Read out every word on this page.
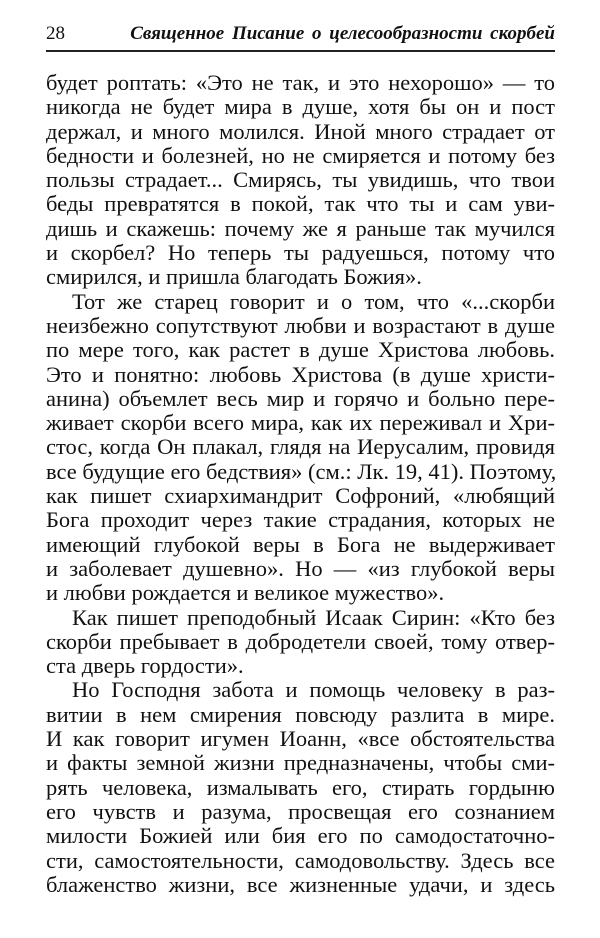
28	Священное Писание о целесообразности скорбей
будет роптать: «Это не так, и это нехорошо» — то
никогда не будет мира в душе, хотя бы он и пост
держал, и много молился. Иной много страдает от
бедности и болезней, но не смиряется и потому без
пользы страдает... Смирясь, ты увидишь, что твои
беды превратятся в покой, так что ты и сам уви-
дишь и скажешь: почему же я раньше так мучился
и скорбел? Но теперь ты радуешься, потому что
смирился, и пришла благодать Божия».
Тот же старец говорит и о том, что «...скорби
неизбежно сопутствуют любви и возрастают в душе
по мере того, как растет в душе Христова любовь.
Это и понятно: любовь Христова (в душе христи-
анина) объемлет весь мир и горячо и больно пере-
живает скорби всего мира, как их переживал и Хри-
стос, когда Он плакал, глядя на Иерусалим, провидя
все будущие его бедствия» (см.: Лк. 19, 41). Поэтому,
как пишет схиархимандрит Софроний, «любящий
Бога проходит через такие страдания, которых не
имеющий глубокой веры в Бога не выдерживает
и заболевает душевно». Но — «из глубокой веры
и любви рождается и великое мужество».
Как пишет преподобный Исаак Сирин: «Кто без
скорби пребывает в добродетели своей, тому отвер-
ста дверь гордости».
Но Господня забота и помощь человеку в раз-
витии в нем смирения повсюду разлита в мире.
И как говорит игумен Иоанн, «все обстоятельства
и факты земной жизни предназначены, чтобы сми-
рять человека, измалывать его, стирать гордыню
его чувств и разума, просвещая его сознанием
милости Божией или бия его по самодостаточно-
сти, самостоятельности, самодовольству. Здесь все
блаженство жизни, все жизненные удачи, и здесь
